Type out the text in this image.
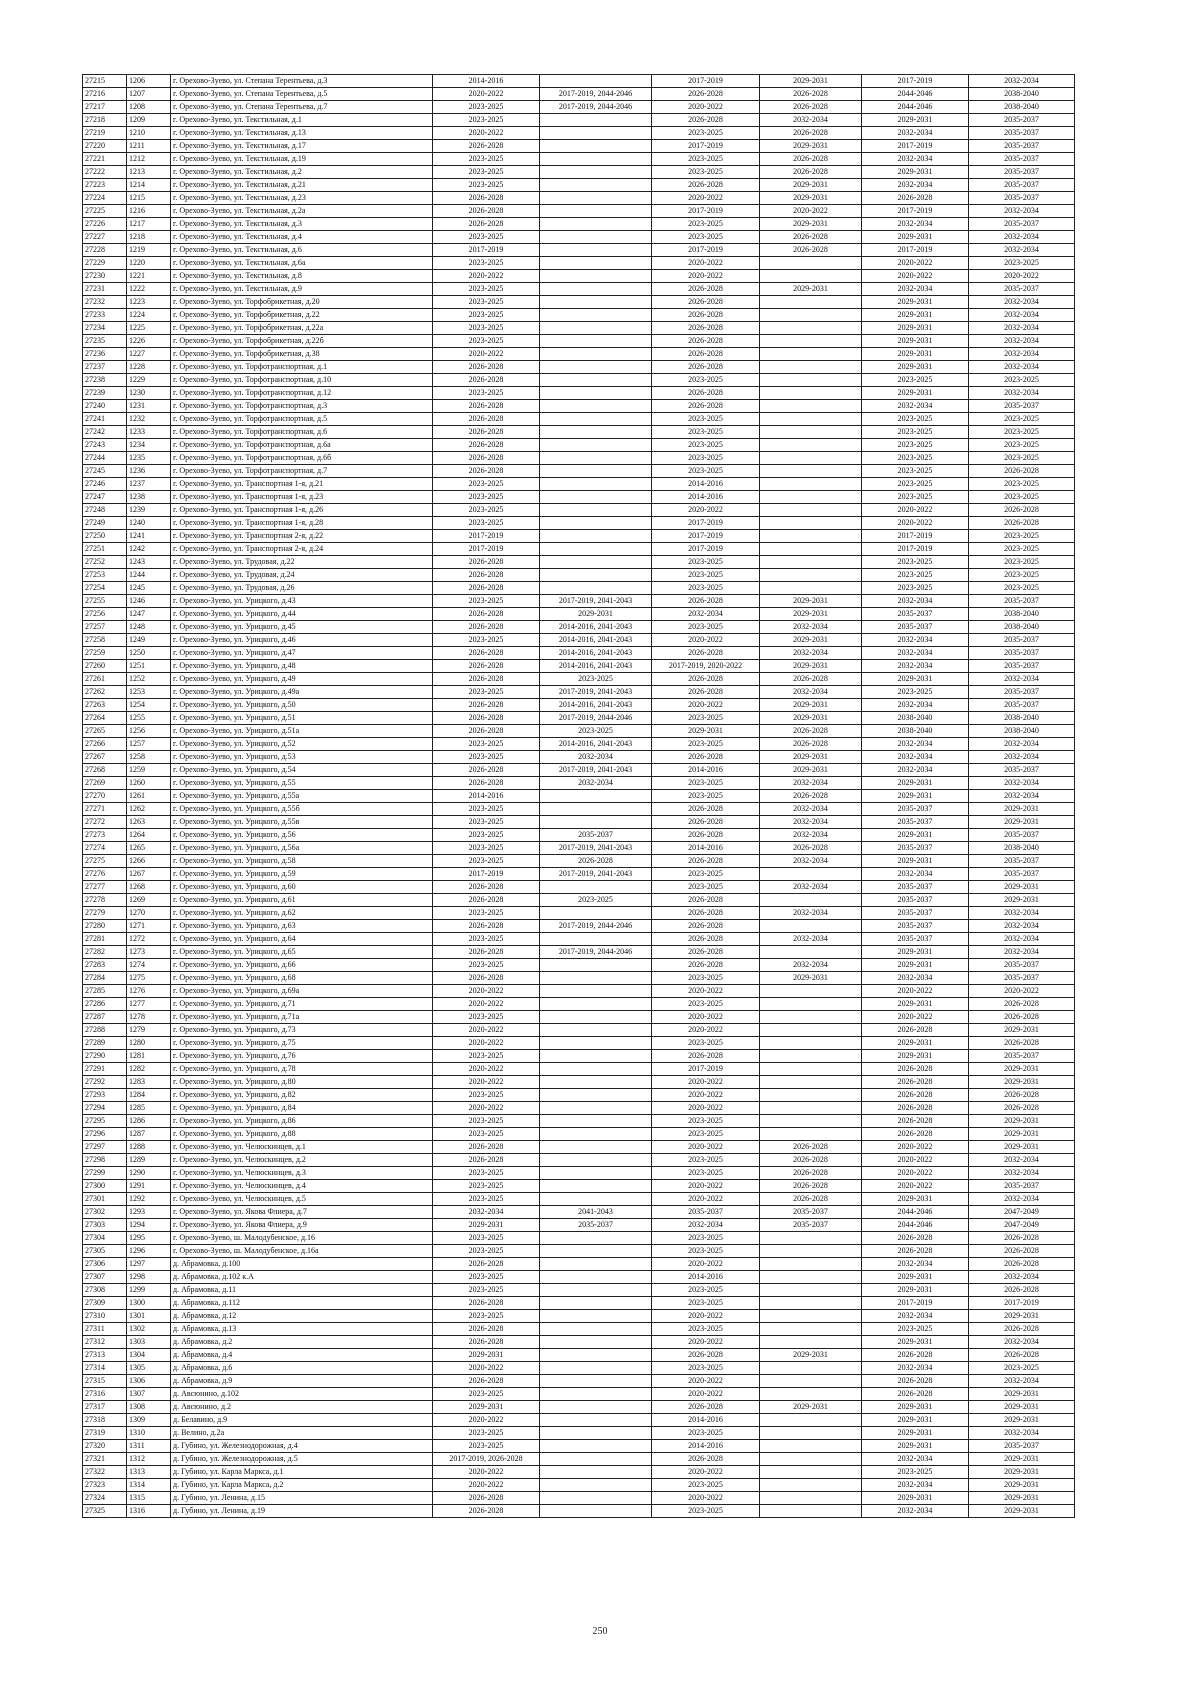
27215	1206	г. Орехово-Зуево, ул. Степана Терентьева, д.3	2014-2016		2017-2019	2029-2031	2017-2019	2032-2034
27216	1207	г. Орехово-Зуево, ул. Степана Терентьева, д.5	2020-2022	2017-2019, 2044-2046	2026-2028	2026-2028	2044-2046	2038-2040
27217	1208	г. Орехово-Зуево, ул. Степана Терентьева, д.7	2023-2025	2017-2019, 2044-2046	2020-2022	2026-2028	2044-2046	2038-2040
27218	1209	г. Орехово-Зуево, ул. Текстильная, д.1	2023-2025		2026-2028	2032-2034	2029-2031	2035-2037
27219	1210	г. Орехово-Зуево, ул. Текстильная, д.13	2020-2022		2023-2025	2026-2028	2032-2034	2035-2037
27220	1211	г. Орехово-Зуево, ул. Текстильная, д.17	2026-2028		2017-2019	2029-2031	2017-2019	2035-2037
27221	1212	г. Орехово-Зуево, ул. Текстильная, д.19	2023-2025		2023-2025	2026-2028	2032-2034	2035-2037
27222	1213	г. Орехово-Зуево, ул. Текстильная, д.2	2023-2025		2023-2025	2026-2028	2029-2031	2035-2037
27223	1214	г. Орехово-Зуево, ул. Текстильная, д.21	2023-2025		2026-2028	2029-2031	2032-2034	2035-2037
27224	1215	г. Орехово-Зуево, ул. Текстильная, д.23	2026-2028		2020-2022	2029-2031	2026-2028	2035-2037
27225	1216	г. Орехово-Зуево, ул. Текстильная, д.2а	2026-2028		2017-2019	2020-2022	2017-2019	2032-2034
27226	1217	г. Орехово-Зуево, ул. Текстильная, д.3	2026-2028		2023-2025	2029-2031	2032-2034	2035-2037
27227	1218	г. Орехово-Зуево, ул. Текстильная, д.4	2023-2025		2023-2025	2026-2028	2029-2031	2032-2034
27228	1219	г. Орехово-Зуево, ул. Текстильная, д.6	2017-2019		2017-2019	2026-2028	2017-2019	2032-2034
27229	1220	г. Орехово-Зуево, ул. Текстильная, д.6а	2023-2025		2020-2022		2020-2022	2023-2025
27230	1221	г. Орехово-Зуево, ул. Текстильная, д.8	2020-2022		2020-2022		2020-2022	2020-2022
27231	1222	г. Орехово-Зуево, ул. Текстильная, д.9	2023-2025		2026-2028	2029-2031	2032-2034	2035-2037
27232	1223	г. Орехово-Зуево, ул. Торфобрикетная, д.20	2023-2025		2026-2028		2029-2031	2032-2034
27233	1224	г. Орехово-Зуево, ул. Торфобрикетная, д.22	2023-2025		2026-2028		2029-2031	2032-2034
27234	1225	г. Орехово-Зуево, ул. Торфобрикетная, д.22а	2023-2025		2026-2028		2029-2031	2032-2034
27235	1226	г. Орехово-Зуево, ул. Торфобрикетная, д.22б	2023-2025		2026-2028		2029-2031	2032-2034
27236	1227	г. Орехово-Зуево, ул. Торфобрикетная, д.38	2020-2022		2026-2028		2029-2031	2032-2034
27237	1228	г. Орехово-Зуево, ул. Торфотранспортная, д.1	2026-2028		2026-2028		2029-2031	2032-2034
27238	1229	г. Орехово-Зуево, ул. Торфотранспортная, д.10	2026-2028		2023-2025		2023-2025	2023-2025
27239	1230	г. Орехово-Зуево, ул. Торфотранспортная, д.12	2023-2025		2026-2028		2029-2031	2032-2034
27240	1231	г. Орехово-Зуево, ул. Торфотранспортная, д.3	2026-2028		2026-2028		2032-2034	2035-2037
27241	1232	г. Орехово-Зуево, ул. Торфотранспортная, д.5	2026-2028		2023-2025		2023-2025	2023-2025
27242	1233	г. Орехово-Зуево, ул. Торфотранспортная, д.6	2026-2028		2023-2025		2023-2025	2023-2025
27243	1234	г. Орехово-Зуево, ул. Торфотранспортная, д.6а	2026-2028		2023-2025		2023-2025	2023-2025
27244	1235	г. Орехово-Зуево, ул. Торфотранспортная, д.6б	2026-2028		2023-2025		2023-2025	2023-2025
27245	1236	г. Орехово-Зуево, ул. Торфотранспортная, д.7	2026-2028		2023-2025		2023-2025	2026-2028
27246	1237	г. Орехово-Зуево, ул. Транспортная 1-я, д.21	2023-2025		2014-2016		2023-2025	2023-2025
27247	1238	г. Орехово-Зуево, ул. Транспортная 1-я, д.23	2023-2025		2014-2016		2023-2025	2023-2025
27248	1239	г. Орехово-Зуево, ул. Транспортная 1-я, д.26	2023-2025		2020-2022		2020-2022	2026-2028
27249	1240	г. Орехово-Зуево, ул. Транспортная 1-я, д.28	2023-2025		2017-2019		2020-2022	2026-2028
27250	1241	г. Орехово-Зуево, ул. Транспортная 2-я, д.22	2017-2019		2017-2019		2017-2019	2023-2025
27251	1242	г. Орехово-Зуево, ул. Транспортная 2-я, д.24	2017-2019		2017-2019		2017-2019	2023-2025
27252	1243	г. Орехово-Зуево, ул. Трудовая, д.22	2026-2028		2023-2025		2023-2025	2023-2025
27253	1244	г. Орехово-Зуево, ул. Трудовая, д.24	2026-2028		2023-2025		2023-2025	2023-2025
27254	1245	г. Орехово-Зуево, ул. Трудовая, д.26	2026-2028		2023-2025		2023-2025	2023-2025
27255	1246	г. Орехово-Зуево, ул. Урицкого, д.43	2023-2025	2017-2019, 2041-2043	2026-2028	2029-2031	2032-2034	2035-2037
27256	1247	г. Орехово-Зуево, ул. Урицкого, д.44	2026-2028	2029-2031	2032-2034	2029-2031	2035-2037	2038-2040
27257	1248	г. Орехово-Зуево, ул. Урицкого, д.45	2026-2028	2014-2016, 2041-2043	2023-2025	2032-2034	2035-2037	2038-2040
27258	1249	г. Орехово-Зуево, ул. Урицкого, д.46	2023-2025	2014-2016, 2041-2043	2020-2022	2029-2031	2032-2034	2035-2037
27259	1250	г. Орехово-Зуево, ул. Урицкого, д.47	2026-2028	2014-2016, 2041-2043	2026-2028	2032-2034	2032-2034	2035-2037
27260	1251	г. Орехово-Зуево, ул. Урицкого, д.48	2026-2028	2014-2016, 2041-2043	2017-2019, 2020-2022	2029-2031	2032-2034	2035-2037
27261	1252	г. Орехово-Зуево, ул. Урицкого, д.49	2026-2028	2023-2025	2026-2028	2026-2028	2029-2031	2032-2034
27262	1253	г. Орехово-Зуево, ул. Урицкого, д.49а	2023-2025	2017-2019, 2041-2043	2026-2028	2032-2034	2023-2025	2035-2037
27263	1254	г. Орехово-Зуево, ул. Урицкого, д.50	2026-2028	2014-2016, 2041-2043	2020-2022	2029-2031	2032-2034	2035-2037
27264	1255	г. Орехово-Зуево, ул. Урицкого, д.51	2026-2028	2017-2019, 2044-2046	2023-2025	2029-2031	2038-2040	2038-2040
27265	1256	г. Орехово-Зуево, ул. Урицкого, д.51а	2026-2028	2023-2025	2029-2031	2026-2028	2038-2040	2038-2040
27266	1257	г. Орехово-Зуево, ул. Урицкого, д.52	2023-2025	2014-2016, 2041-2043	2023-2025	2026-2028	2032-2034	2032-2034
27267	1258	г. Орехово-Зуево, ул. Урицкого, д.53	2023-2025	2032-2034	2026-2028	2029-2031	2032-2034	2032-2034
27268	1259	г. Орехово-Зуево, ул. Урицкого, д.54	2026-2028	2017-2019, 2041-2043	2014-2016	2029-2031	2032-2034	2035-2037
27269	1260	г. Орехово-Зуево, ул. Урицкого, д.55	2026-2028	2032-2034	2023-2025	2032-2034	2029-2031	2032-2034
27270	1261	г. Орехово-Зуево, ул. Урицкого, д.55а	2014-2016		2023-2025	2026-2028	2029-2031	2032-2034
27271	1262	г. Орехово-Зуево, ул. Урицкого, д.55б	2023-2025		2026-2028	2032-2034	2035-2037	2029-2031
27272	1263	г. Орехово-Зуево, ул. Урицкого, д.55в	2023-2025		2026-2028	2032-2034	2035-2037	2029-2031
27273	1264	г. Орехово-Зуево, ул. Урицкого, д.56	2023-2025	2035-2037	2026-2028	2032-2034	2029-2031	2035-2037
27274	1265	г. Орехово-Зуево, ул. Урицкого, д.56а	2023-2025	2017-2019, 2041-2043	2014-2016	2026-2028	2035-2037	2038-2040
27275	1266	г. Орехово-Зуево, ул. Урицкого, д.58	2023-2025	2026-2028	2026-2028	2032-2034	2029-2031	2035-2037
27276	1267	г. Орехово-Зуево, ул. Урицкого, д.59	2017-2019	2017-2019, 2041-2043	2023-2025		2032-2034	2035-2037
27277	1268	г. Орехово-Зуево, ул. Урицкого, д.60	2026-2028		2023-2025	2032-2034	2035-2037	2029-2031
27278	1269	г. Орехово-Зуево, ул. Урицкого, д.61	2026-2028	2023-2025	2026-2028		2035-2037	2029-2031
27279	1270	г. Орехово-Зуево, ул. Урицкого, д.62	2023-2025		2026-2028	2032-2034	2035-2037	2032-2034
27280	1271	г. Орехово-Зуево, ул. Урицкого, д.63	2026-2028	2017-2019, 2044-2046	2026-2028		2035-2037	2032-2034
27281	1272	г. Орехово-Зуево, ул. Урицкого, д.64	2023-2025		2026-2028	2032-2034	2035-2037	2032-2034
27282	1273	г. Орехово-Зуево, ул. Урицкого, д.65	2026-2028	2017-2019, 2044-2046	2026-2028		2029-2031	2032-2034
27283	1274	г. Орехово-Зуево, ул. Урицкого, д.66	2023-2025		2026-2028	2032-2034	2029-2031	2035-2037
27284	1275	г. Орехово-Зуево, ул. Урицкого, д.68	2026-2028		2023-2025	2029-2031	2032-2034	2035-2037
27285	1276	г. Орехово-Зуево, ул. Урицкого, д.69а	2020-2022		2020-2022		2020-2022	2020-2022
27286	1277	г. Орехово-Зуево, ул. Урицкого, д.71	2020-2022		2023-2025		2029-2031	2026-2028
27287	1278	г. Орехово-Зуево, ул. Урицкого, д.71а	2023-2025		2020-2022		2020-2022	2026-2028
27288	1279	г. Орехово-Зуево, ул. Урицкого, д.73	2020-2022		2020-2022		2026-2028	2029-2031
27289	1280	г. Орехово-Зуево, ул. Урицкого, д.75	2020-2022		2023-2025		2029-2031	2026-2028
27290	1281	г. Орехово-Зуево, ул. Урицкого, д.76	2023-2025		2026-2028		2029-2031	2035-2037
27291	1282	г. Орехово-Зуево, ул. Урицкого, д.78	2020-2022		2017-2019		2026-2028	2029-2031
27292	1283	г. Орехово-Зуево, ул. Урицкого, д.80	2020-2022		2020-2022		2026-2028	2029-2031
27293	1284	г. Орехово-Зуево, ул. Урицкого, д.82	2023-2025		2020-2022		2026-2028	2026-2028
27294	1285	г. Орехово-Зуево, ул. Урицкого, д.84	2020-2022		2020-2022		2026-2028	2026-2028
27295	1286	г. Орехово-Зуево, ул. Урицкого, д.86	2023-2025		2023-2025		2026-2028	2029-2031
27296	1287	г. Орехово-Зуево, ул. Урицкого, д.88	2023-2025		2023-2025		2026-2028	2029-2031
27297	1288	г. Орехово-Зуево, ул. Челюскинцев, д.1	2026-2028		2020-2022	2026-2028	2020-2022	2029-2031
27298	1289	г. Орехово-Зуево, ул. Челюскинцев, д.2	2026-2028		2023-2025	2026-2028	2020-2022	2032-2034
27299	1290	г. Орехово-Зуево, ул. Челюскинцев, д.3	2023-2025		2023-2025	2026-2028	2020-2022	2032-2034
27300	1291	г. Орехово-Зуево, ул. Челюскинцев, д.4	2023-2025		2020-2022	2026-2028	2020-2022	2035-2037
27301	1292	г. Орехово-Зуево, ул. Челюскинцев, д.5	2023-2025		2020-2022	2026-2028	2029-2031	2032-2034
27302	1293	г. Орехово-Зуево, ул. Якова Флиера, д.7	2032-2034	2041-2043	2035-2037	2035-2037	2044-2046	2047-2049
27303	1294	г. Орехово-Зуево, ул. Якова Флиера, д.9	2029-2031	2035-2037	2032-2034	2035-2037	2044-2046	2047-2049
27304	1295	г. Орехово-Зуево, ш. Малодубенское, д.16	2023-2025		2023-2025		2026-2028	2026-2028
27305	1296	г. Орехово-Зуево, ш. Малодубенское, д.16а	2023-2025		2023-2025		2026-2028	2026-2028
27306	1297	д. Абрамовка, д.100	2026-2028		2020-2022		2032-2034	2026-2028
27307	1298	д. Абрамовка, д.102 к.А	2023-2025		2014-2016		2029-2031	2032-2034
27308	1299	д. Абрамовка, д.11	2023-2025		2023-2025		2029-2031	2026-2028
27309	1300	д. Абрамовка, д.112	2026-2028		2023-2025		2017-2019	2017-2019
27310	1301	д. Абрамовка, д.12	2023-2025		2020-2022		2032-2034	2029-2031
27311	1302	д. Абрамовка, д.13	2026-2028		2023-2025		2023-2025	2026-2028
27312	1303	д. Абрамовка, д.2	2026-2028		2020-2022		2029-2031	2032-2034
27313	1304	д. Абрамовка, д.4	2029-2031		2026-2028	2029-2031	2026-2028	2026-2028
27314	1305	д. Абрамовка, д.6	2020-2022		2023-2025		2032-2034	2023-2025
27315	1306	д. Абрамовка, д.9	2026-2028		2020-2022		2026-2028	2032-2034
27316	1307	д. Авсюнино, д.102	2023-2025		2020-2022		2026-2028	2029-2031
27317	1308	д. Авсюнино, д.2	2029-2031		2026-2028	2029-2031	2029-2031	2029-2031
27318	1309	д. Белавино, д.9	2020-2022		2014-2016		2029-2031	2029-2031
27319	1310	д. Велино, д.2а	2023-2025		2023-2025		2029-2031	2032-2034
27320	1311	д. Губино, ул. Железнодорожная, д.4	2023-2025		2014-2016		2029-2031	2035-2037
27321	1312	д. Губино, ул. Железнодорожная, д.5	2017-2019, 2026-2028		2026-2028		2032-2034	2029-2031
27322	1313	д. Губино, ул. Карла Маркса, д.1	2020-2022		2020-2022		2023-2025	2029-2031
27323	1314	д. Губино, ул. Карла Маркса, д.2	2020-2022		2023-2025		2032-2034	2029-2031
27324	1315	д. Губино, ул. Ленина, д.15	2026-2028		2020-2022		2029-2031	2029-2031
27325	1316	д. Губино, ул. Ленина, д.19	2026-2028		2023-2025		2032-2034	2029-2031
250
